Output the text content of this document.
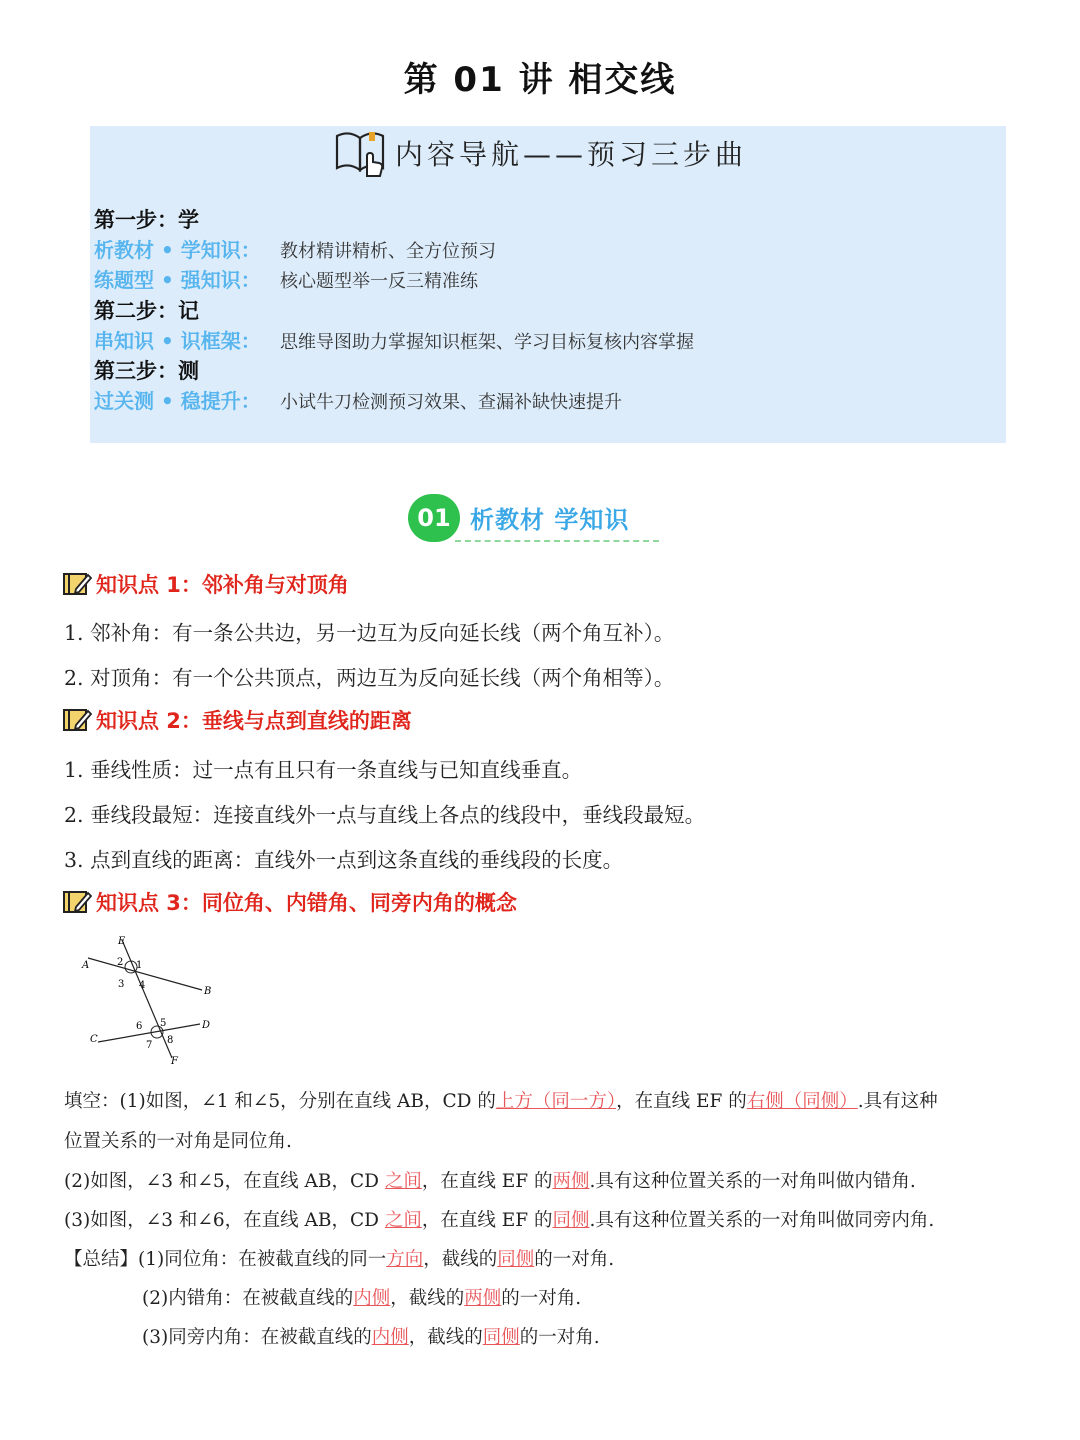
第 01 讲 相交线
内容导航——预习三步曲
第一步：学
析教材 • 学知识： 教材精讲精析、全方位预习
练题型 • 强知识： 核心题型举一反三精准练
第二步：记
串知识 • 识框架： 思维导图助力掌握知识框架、学习目标复核内容掌握
第三步：测
过关测 • 稳提升： 小试牛刀检测预习效果、查漏补缺快速提升
01 析教材 学知识
知识点 1：邻补角与对顶角
1. 邻补角：有一条公共边，另一边互为反向延长线（两个角互补）。
2. 对顶角：有一个公共顶点，两边互为反向延长线（两个角相等）。
知识点 2：垂线与点到直线的距离
1. 垂线性质：过一点有且只有一条直线与已知直线垂直。
2. 垂线段最短：连接直线外一点与直线上各点的线段中，垂线段最短。
3. 点到直线的距离：直线外一点到这条直线的垂线段的长度。
知识点 3：同位角、内错角、同旁内角的概念
E
A
B
C
D
F
2 1
3 4
6 5
7 8
填空：(1)如图，∠1 和∠5，分别在直线 AB，CD 的上方（同一方），在直线 EF 的右侧（同侧）.具有这种
位置关系的一对角是同位角.
(2)如图，∠3 和∠5，在直线 AB，CD 之间，在直线 EF 的两侧.具有这种位置关系的一对角叫做内错角.
(3)如图，∠3 和∠6，在直线 AB，CD 之间，在直线 EF 的同侧.具有这种位置关系的一对角叫做同旁内角.
【总结】(1)同位角：在被截直线的同一方向，截线的同侧的一对角.
(2)内错角：在被截直线的内侧，截线的两侧的一对角.
(3)同旁内角：在被截直线的内侧，截线的同侧的一对角.
